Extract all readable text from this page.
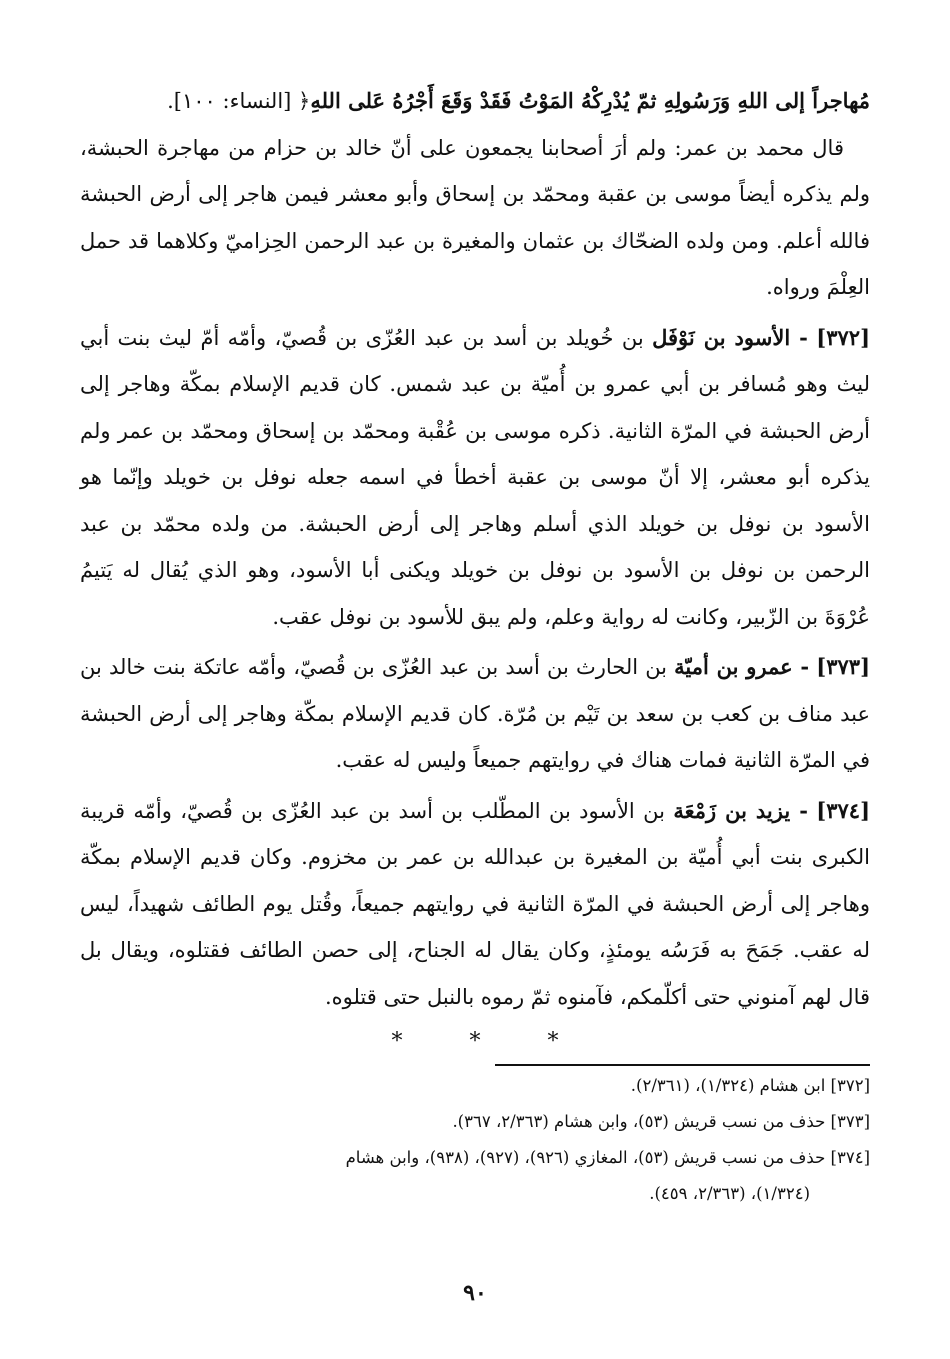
مُهاجراً إلى اللهِ وَرَسُولِهِ ثمّ يُدْرِكْهُ المَوْتُ فَقَدْ وَقَعَ أَجْرُهُ عَلى اللهِ﴿ [النساء: ١٠٠].

قال محمد بن عمر: ولم أرَ أصحابنا يجمعون على أنّ خالد بن حزام من مهاجرة الحبشة، ولم يذكره أيضاً موسى بن عقبة ومحمّد بن إسحاق وأبو معشر فيمن هاجر إلى أرض الحبشة فالله أعلم. ومن ولده الضحّاك بن عثمان والمغيرة بن عبد الرحمن الحِزاميّ وكلاهما قد حمل العِلْمَ ورواه.

[٣٧٢] - الأسود بن نَوْفَل بن خُويلد بن أسد بن عبد العُزّى بن قُصيّ، وأمّه أمّ ليث بنت أبي ليث وهو مُسافر بن أبي عمرو بن أُميّة بن عبد شمس. كان قديم الإسلام بمكّة وهاجر إلى أرض الحبشة في المرّة الثانية. ذكره موسى بن عُقْبة ومحمّد بن إسحاق ومحمّد بن عمر ولم يذكره أبو معشر، إلا أنّ موسى بن عقبة أخطأ في اسمه جعله نوفل بن خويلد وإنّما هو الأسود بن نوفل بن خويلد الذي أسلم وهاجر إلى أرض الحبشة. من ولده محمّد بن عبد الرحمن بن نوفل بن الأسود بن نوفل بن خويلد ويكنى أبا الأسود، وهو الذي يُقال له يَتيمُ عُرْوَةَ بن الزّبير، وكانت له رواية وعلم، ولم يبق للأسود بن نوفل عقب.

[٣٧٣] - عمرو بن أميّة بن الحارث بن أسد بن عبد العُزّى بن قُصيّ، وأمّه عاتكة بنت خالد بن عبد مناف بن كعب بن سعد بن تَيْم بن مُرّة. كان قديم الإسلام بمكّة وهاجر إلى أرض الحبشة في المرّة الثانية فمات هناك في روايتهم جميعاً وليس له عقب.

[٣٧٤] - يزيد بن زَمْعَة بن الأسود بن المطّلب بن أسد بن عبد العُزّى بن قُصيّ، وأمّه قريبة الكبرى بنت أبي أُميّة بن المغيرة بن عبدالله بن عمر بن مخزوم. وكان قديم الإسلام بمكّة وهاجر إلى أرض الحبشة في المرّة الثانية في روايتهم جميعاً، وقُتل يوم الطائف شهيداً، ليس له عقب. جَمَحَ به فَرَسُه يومئذٍ، وكان يقال له الجناح، إلى حصن الطائف فقتلوه، ويقال بل قال لهم آمنوني حتى أكلّمكم، فآمنوه ثمّ رموه بالنبل حتى قتلوه.

*	*	*

[٣٧٢] ابن هشام (١/٣٢٤)، (٢/٣٦١).

[٣٧٣] حذف من نسب قريش (٥٣)، وابن هشام (٢/٣٦٣، ٣٦٧).

[٣٧٤] حذف من نسب قريش (٥٣)، المغازي (٩٢٦)، (٩٢٧)، (٩٣٨)، وابن هشام

(١/٣٢٤)، (٢/٣٦٣، ٤٥٩).

٩٠
